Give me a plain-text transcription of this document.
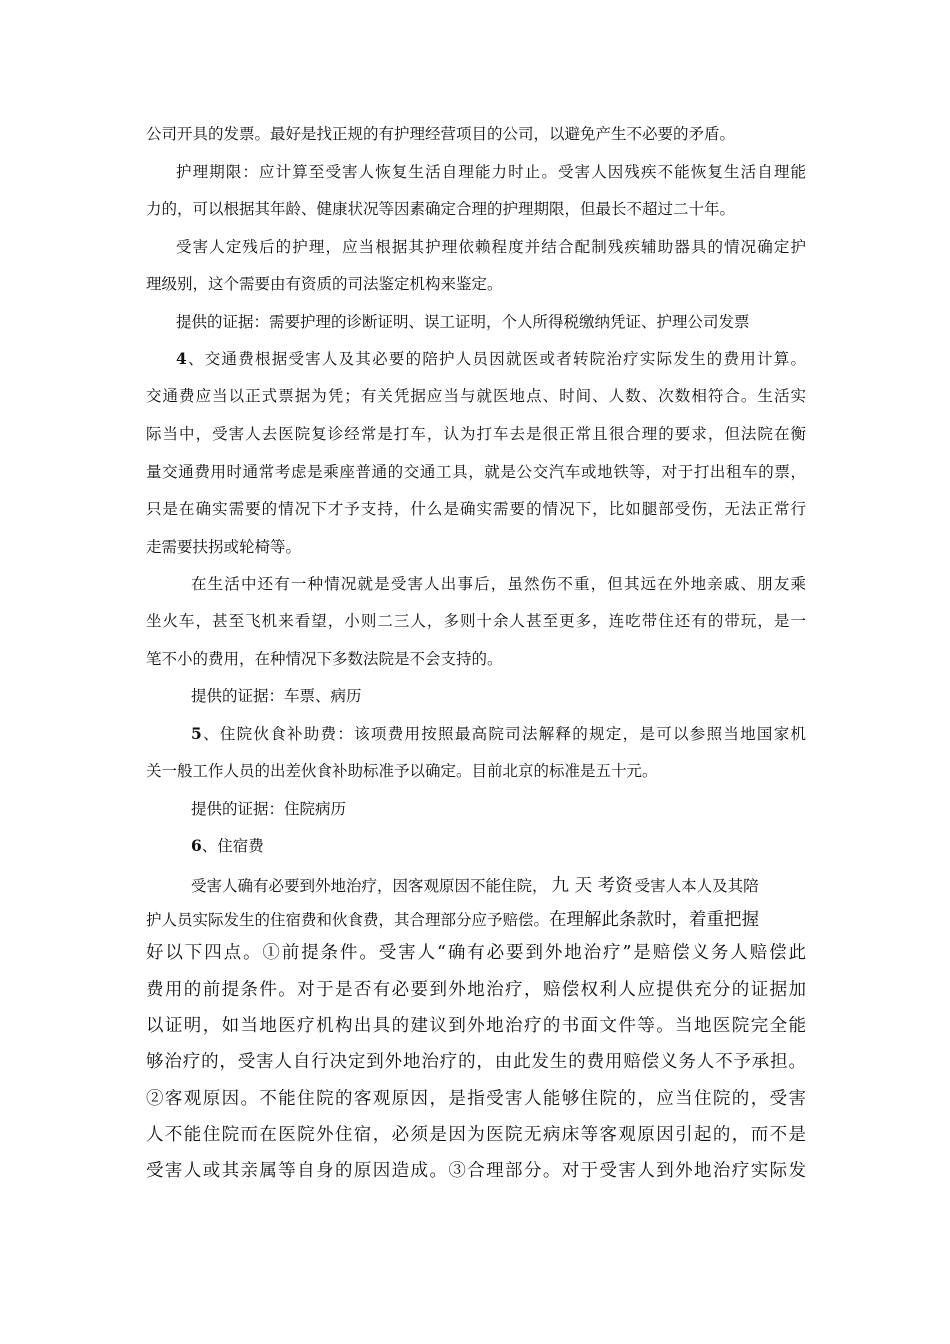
公司开具的发票。最好是找正规的有护理经营项目的公司，以避免产生不必要的矛盾。
护理期限：应计算至受害人恢复生活自理能力时止。受害人因残疾不能恢复生活自理能
力的，可以根据其年龄、健康状况等因素确定合理的护理期限，但最长不超过二十年。
受害人定残后的护理，应当根据其护理依赖程度并结合配制残疾辅助器具的情况确定护
理级别，这个需要由有资质的司法鉴定机构来鉴定。
提供的证据：需要护理的诊断证明、误工证明，个人所得税缴纳凭证、护理公司发票
4、交通费根据受害人及其必要的陪护人员因就医或者转院治疗实际发生的费用计算。
交通费应当以正式票据为凭；有关凭据应当与就医地点、时间、人数、次数相符合。生活实
际当中，受害人去医院复诊经常是打车，认为打车去是很正常且很合理的要求，但法院在衡
量交通费用时通常考虑是乘座普通的交通工具，就是公交汽车或地铁等，对于打出租车的票，
只是在确实需要的情况下才予支持，什么是确实需要的情况下，比如腿部受伤，无法正常行
走需要扶拐或轮椅等。
在生活中还有一种情况就是受害人出事后，虽然伤不重，但其远在外地亲戚、朋友乘
坐火车，甚至飞机来看望，小则二三人，多则十余人甚至更多，连吃带住还有的带玩，是一
笔不小的费用，在种情况下多数法院是不会支持的。
提供的证据：车票、病历
5、住院伙食补助费：该项费用按照最高院司法解释的规定，是可以参照当地国家机
关一般工作人员的出差伙食补助标准予以确定。目前北京的标准是五十元。
提供的证据：住院病历
6、住宿费
受害人确有必要到外地治疗，因客观原因不能住院， 九 天 考资 受害人本人及其陪
护人员实际发生的住宿费和伙食费，其合理部分应予赔偿。在理解此条款时，着重把握
好以下四点。①前提条件。受害人“确有必要到外地治疗”是赔偿义务人赔偿此
费用的前提条件。对于是否有必要到外地治疗，赔偿权利人应提供充分的证据加
以证明，如当地医疗机构出具的建议到外地治疗的书面文件等。当地医院完全能
够治疗的，受害人自行决定到外地治疗的，由此发生的费用赔偿义务人不予承担。
②客观原因。不能住院的客观原因，是指受害人能够住院的，应当住院的，受害
人不能住院而在医院外住宿，必须是因为医院无病床等客观原因引起的，而不是
受害人或其亲属等自身的原因造成。③合理部分。对于受害人到外地治疗实际发
